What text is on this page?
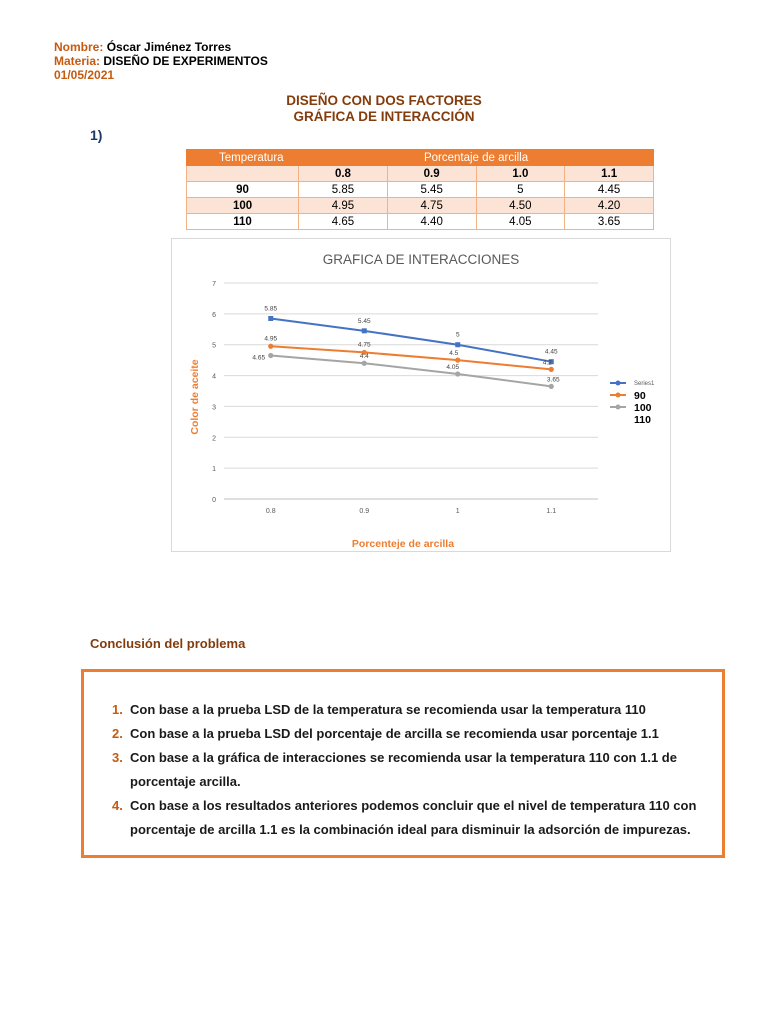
Nombre: Óscar Jiménez Torres
Materia: DISEÑO DE EXPERIMENTOS
01/05/2021
DISEÑO CON DOS FACTORES
GRÁFICA DE INTERACCIÓN
1)
Temperatura	Porcentaje de arcilla			
	0.8	0.9	1.0	1.1
90	5.85	5.45	5	4.45
100	4.95	4.75	4.50	4.20
110	4.65	4.40	4.05	3.65
GRAFICA DE INTERACCIONES
0
1
2
3
4
5
6
7
0.8	0.9	1	1.1
Porcenteje de arcilla
Color de aceite
5.85
5.45
5
4.45
4.95
4.75
4.5
4.2
4.65	4.4
4.05
3.65
Series1
90
100
110
Conclusión del problema
1. Con base a la prueba LSD de la temperatura se recomienda usar la temperatura 110
2. Con base a la prueba LSD del porcentaje de arcilla se recomienda usar porcentaje 1.1
3. Con base a la gráfica de interacciones se recomienda usar la temperatura 110 con 1.1 de porcentaje arcilla.
4. Con base a los resultados anteriores podemos concluir que el nivel de temperatura 110 con porcentaje de arcilla 1.1 es la combinación ideal para disminuir la adsorción de impurezas.
